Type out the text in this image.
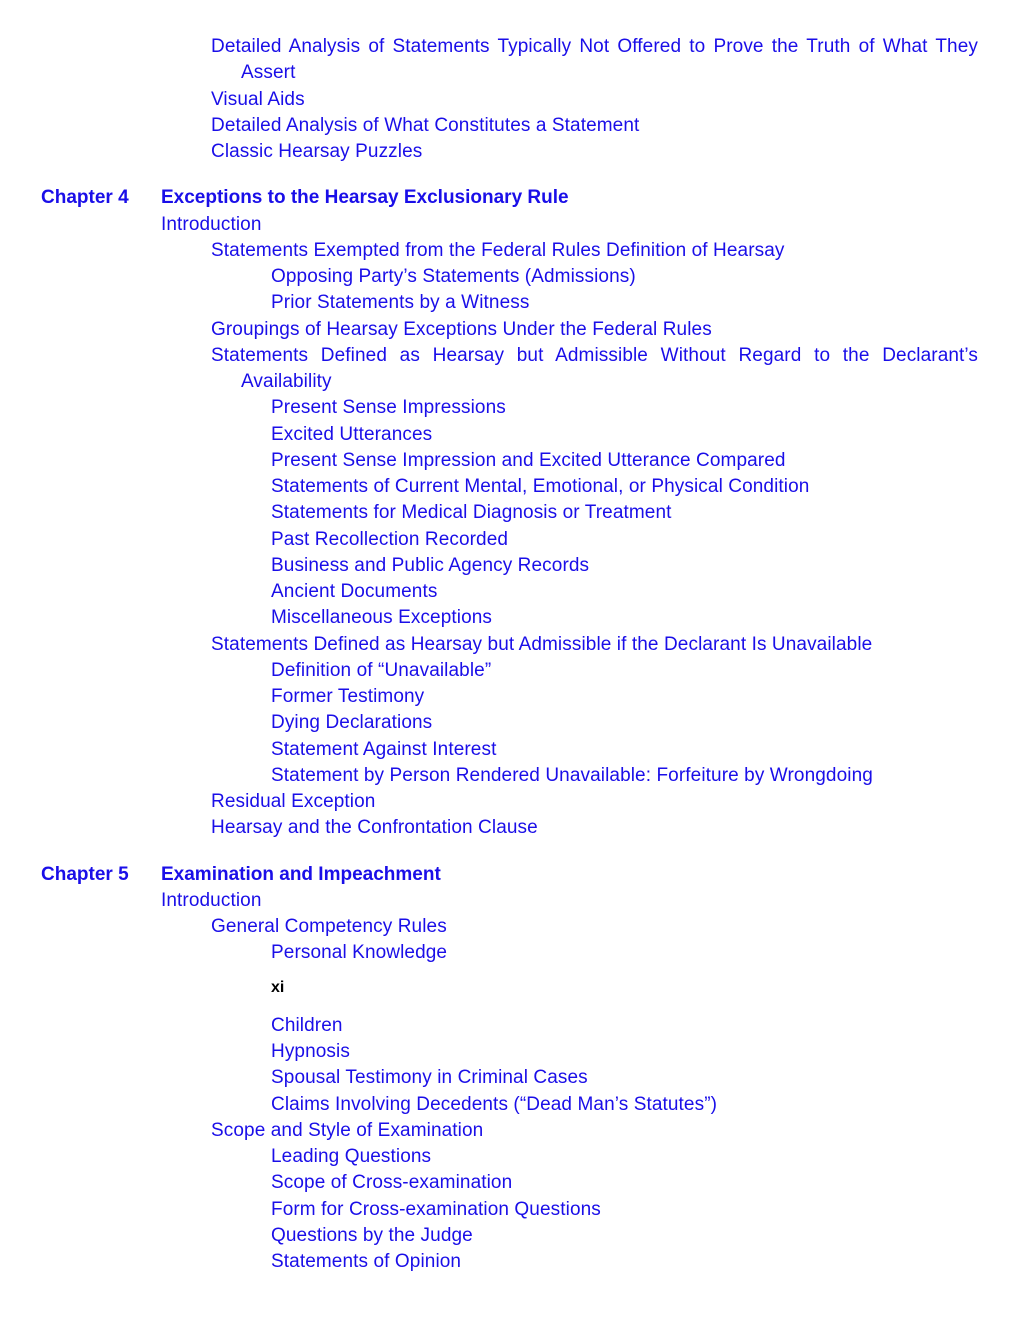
Detailed Analysis of Statements Typically Not Offered to Prove the Truth of What They
Assert
Visual Aids
Detailed Analysis of What Constitutes a Statement
Classic Hearsay Puzzles
Chapter 4 Exceptions to the Hearsay Exclusionary Rule
Introduction
Statements Exempted from the Federal Rules Definition of Hearsay
Opposing Party’s Statements (Admissions)
Prior Statements by a Witness
Groupings of Hearsay Exceptions Under the Federal Rules
Statements Defined as Hearsay but Admissible Without Regard to the Declarant’s
Availability
Present Sense Impressions
Excited Utterances
Present Sense Impression and Excited Utterance Compared
Statements of Current Mental, Emotional, or Physical Condition
Statements for Medical Diagnosis or Treatment
Past Recollection Recorded
Business and Public Agency Records
Ancient Documents
Miscellaneous Exceptions
Statements Defined as Hearsay but Admissible if the Declarant Is Unavailable
Definition of “Unavailable”
Former Testimony
Dying Declarations
Statement Against Interest
Statement by Person Rendered Unavailable: Forfeiture by Wrongdoing
Residual Exception
Hearsay and the Confrontation Clause
Chapter 5 Examination and Impeachment
Introduction
General Competency Rules
Personal Knowledge
xi
Children
Hypnosis
Spousal Testimony in Criminal Cases
Claims Involving Decedents (“Dead Man’s Statutes”)
Scope and Style of Examination
Leading Questions
Scope of Cross-examination
Form for Cross-examination Questions
Questions by the Judge
Statements of Opinion
